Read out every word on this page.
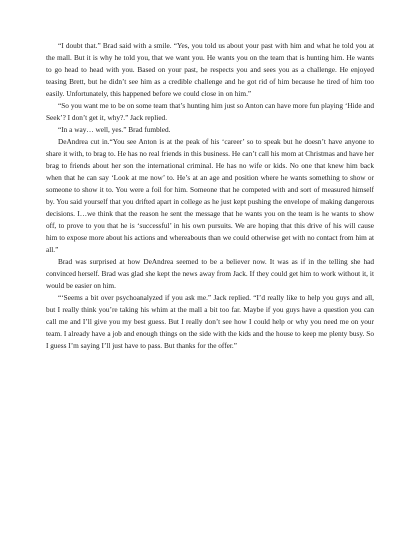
“I doubt that.” Brad said with a smile. “Yes, you told us about your past with him and what he told you at the mall. But it is why he told you, that we want you. He wants you on the team that is hunting him. He wants to go head to head with you. Based on your past, he respects you and sees you as a challenge. He enjoyed teasing Brett, but he didn’t see him as a credible challenge and he got rid of him because he tired of him too easily. Unfortunately, this happened before we could close in on him.”

“So you want me to be on some team that’s hunting him just so Anton can have more fun playing ‘Hide and Seek’? I don’t get it, why?.” Jack replied.

“In a way… well, yes.” Brad fumbled.

DeAndrea cut in.“You see Anton is at the peak of his ‘career’ so to speak but he doesn’t have anyone to share it with, to brag to. He has no real friends in this business. He can’t call his mom at Christmas and have her brag to friends about her son the international criminal. He has no wife or kids. No one that knew him back when that he can say ‘Look at me now’ to. He’s at an age and position where he wants something to show or someone to show it to. You were a foil for him. Someone that he competed with and sort of measured himself by. You said yourself that you drifted apart in college as he just kept pushing the envelope of making dangerous decisions. I…we think that the reason he sent the message that he wants you on the team is he wants to show off, to prove to you that he is ‘successful’ in his own pursuits. We are hoping that this drive of his will cause him to expose more about his actions and whereabouts than we could otherwise get with no contact from him at all.”

Brad was surprised at how DeAndrea seemed to be a believer now. It was as if in the telling she had convinced herself. Brad was glad she kept the news away from Jack. If they could get him to work without it, it would be easier on him.

“‘Seems a bit over psychoanalyzed if you ask me.” Jack replied. “I’d really like to help you guys and all, but I really think you’re taking his whim at the mall a bit too far. Maybe if you guys have a question you can call me and I’ll give you my best guess. But I really don’t see how I could help or why you need me on your team. I already have a job and enough things on the side with the kids and the house to keep me plenty busy. So I guess I’m saying I’ll just have to pass. But thanks for the offer.”
